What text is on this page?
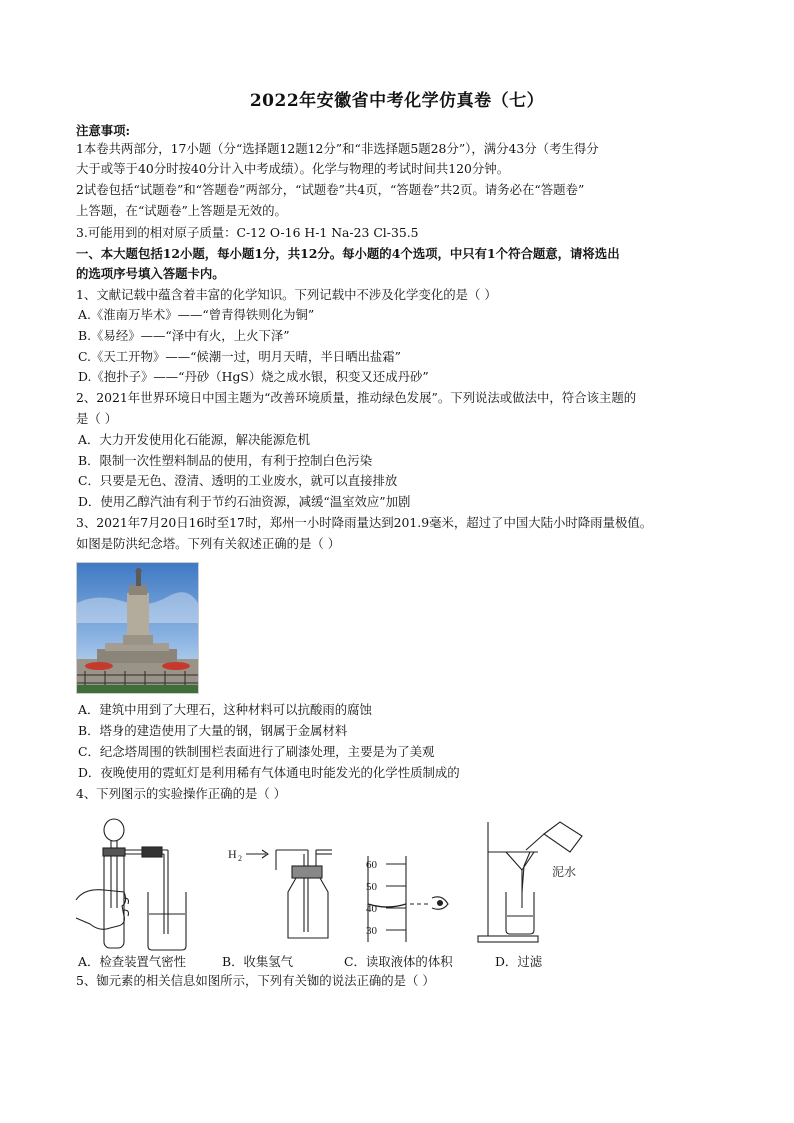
2022年安徽省中考化学仿真卷（七）
注意事项:
1本卷共两部分，17小题（分“选择题12题12分”和“非选择题5题28分”），满分43分（考生得分
大于或等于40分时按40分计入中考成绩）。化学与物理的考试时间共120分钟。
2试卷包括“试题卷”和“答题卷”两部分，“试题卷”共4页，“答题卷”共2页。请务必在“答题卷”
上答题，在“试题卷”上答题是无效的。
3.可能用到的相对原子质量：C-12 O-16 H-1 Na-23 Cl-35.5
一、本大题包括12小题，每小题1分，共12分。每小题的4个选项，中只有1个符合题意，请将选出
的选项序号填入答题卡内。
1、文献记载中蕴含着丰富的化学知识。下列记载中不涉及化学变化的是（ ）
A.《淮南万毕术》——“曾青得铁则化为铜”
B.《易经》——“泽中有火，上火下泽”
C.《天工开物》——“候潮一过，明月天晴，半日晒出盐霜”
D.《抱扑子》——“丹砂（HgS）烧之成水银，积变又还成丹砂”
2、2021年世界环境日中国主题为“改善环境质量，推动绿色发展”。下列说法或做法中，符合该主题的
是（ ）
A．大力开发使用化石能源，解决能源危机
B．限制一次性塑料制品的使用，有利于控制白色污染
C．只要是无色、澄清、透明的工业废水，就可以直接排放
D．使用乙醇汽油有利于节约石油资源，减缓“温室效应”加剧
3、2021年7月20日16时至17时，郑州一小时降雨量达到201.9毫米，超过了中国大陆小时降雨量极值。
如图是防洪纪念塔。下列有关叙述正确的是（ ）
A．建筑中用到了大理石，这种材料可以抗酸雨的腐蚀
B．塔身的建造使用了大量的钢，钢属于金属材料
C．纪念塔周围的铁制围栏表面进行了刷漆处理，主要是为了美观
D．夜晚使用的霓虹灯是利用稀有气体通电时能发光的化学性质制成的
4、下列图示的实验操作正确的是（ ）
H 2
60
50
40
30
泥水
A．检查装置气密性	B．收集氢气	C．读取液体的体积	D．过滤
5、铷元素的相关信息如图所示，下列有关铷的说法正确的是（ ）
